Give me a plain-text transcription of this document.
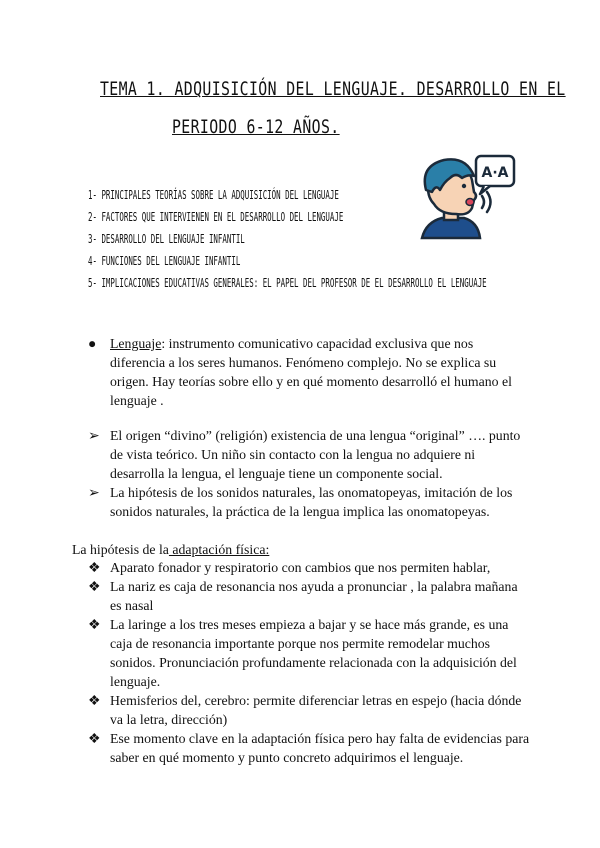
TEMA 1. ADQUISICIÓN DEL LENGUAJE. DESARROLLO EN EL
PERIODO 6-12 AÑOS.
A·A
1- PRINCIPALES TEORÍAS SOBRE LA ADQUISICIÓN DEL LENGUAJE
2- FACTORES QUE INTERVIENEN EN EL DESARROLLO DEL LENGUAJE
3- DESARROLLO DEL LENGUAJE INFANTIL
4- FUNCIONES DEL LENGUAJE INFANTIL
5- IMPLICACIONES EDUCATIVAS GENERALES: EL PAPEL DEL PROFESOR DE EL DESARROLLO EL LENGUAJE
● Lenguaje: instrumento comunicativo capacidad exclusiva que nos diferencia a los seres humanos. Fenómeno complejo. No se explica su origen. Hay teorías sobre ello y en qué momento desarrolló el humano el lenguaje .
➢ El origen “divino” (religión) existencia de una lengua “original” …. punto de vista teórico. Un niño sin contacto con la lengua no adquiere ni desarrolla la lengua, el lenguaje tiene un componente social.
➢ La hipótesis de los sonidos naturales, las onomatopeyas, imitación de los sonidos naturales, la práctica de la lengua implica las onomatopeyas.
La hipótesis de la adaptación física:
❖ Aparato fonador y respiratorio con cambios que nos permiten hablar,
❖ La nariz es caja de resonancia nos ayuda a pronunciar , la palabra mañana es nasal
❖ La laringe a los tres meses empieza a bajar y se hace más grande, es una caja de resonancia importante porque nos permite remodelar muchos sonidos. Pronunciación profundamente relacionada con la adquisición del lenguaje.
❖ Hemisferios del, cerebro: permite diferenciar letras en espejo (hacia dónde va la letra, dirección)
❖ Ese momento clave en la adaptación física pero hay falta de evidencias para saber en qué momento y punto concreto adquirimos el lenguaje.
